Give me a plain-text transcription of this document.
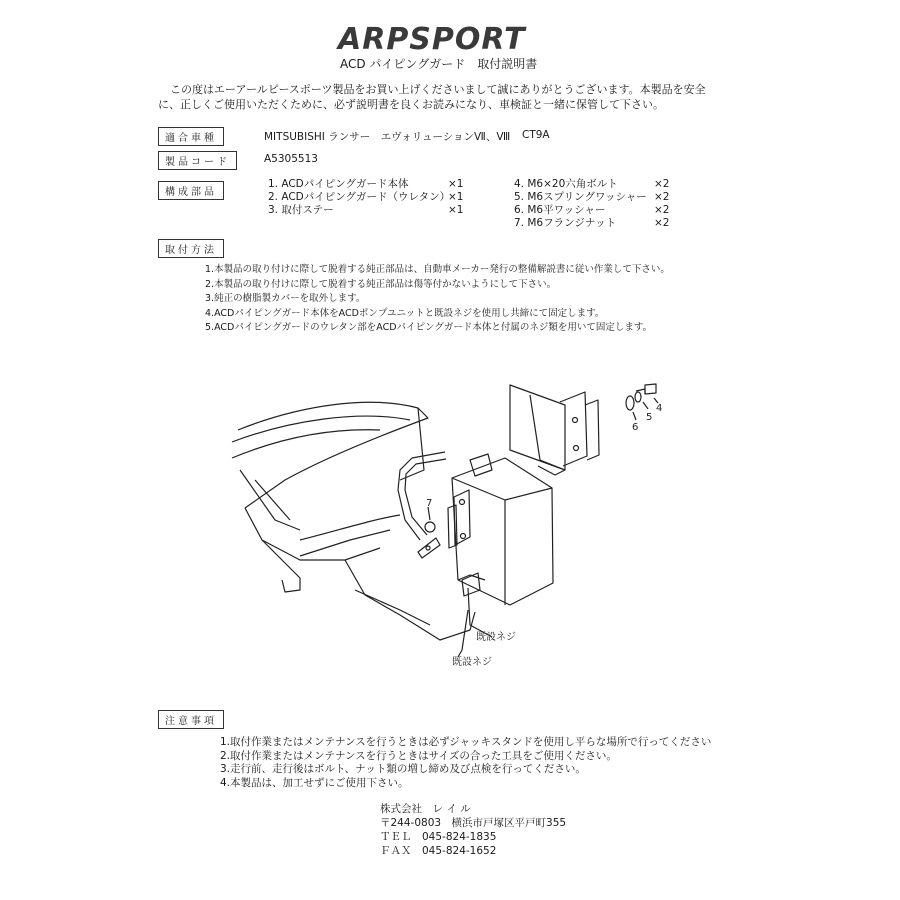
ARPSPORT
ACD パイピングガード　取付説明書
この度はエーアールピースポーツ製品をお買い上げくださいまして誠にありがとうございます。本製品を安全
に、正しくご使用いただくために、必ず説明書を良くお読みになり、車検証と一緒に保管して下さい。
適合車種	MITSUBISHI ランサー　エヴォリューションⅦ、Ⅷ CT9A
製品コード	A5305513
構成部品
1. ACDパイピングガード本体	×1
2. ACDパイピングガード（ウレタン）
×1
3. 取付ステー	×1
4. M6×20六角ボルト	×2
5. M6スプリングワッシャー ×2
6. M6平ワッシャー	×2
7. M6フランジナット	×2
取付方法
1.本製品の取り付けに際して脱着する純正部品は、自動車メーカー発行の整備解説書に従い作業して下さい。
2.本製品の取り付けに際して脱着する純正部品は傷等付かないようにして下さい。
3.純正の樹脂製カバーを取外します。
4.ACDパイピングガード本体をACDポンプユニットと既設ネジを使用し共締にて固定します。
5.ACDパイピングガードのウレタン部をACDパイピングガード本体と付属のネジ類を用いて固定します。
4
5
6
7
既設ネジ
既設ネジ
注意事項
1.取付作業またはメンテナンスを行うときは必ずジャッキスタンドを使用し平らな場所で行ってください
2.取付作業またはメンテナンスを行うときはサイズの合った工具をご使用ください。
3.走行前、走行後はボルト、ナット類の増し締め及び点検を行ってください。
4.本製品は、加工せずにご使用下さい。
株式会社　レ イ ル
〒244-0803　横浜市戸塚区平戸町355
ＴＥＬ　045-824-1835
ＦＡＸ　045-824-1652
